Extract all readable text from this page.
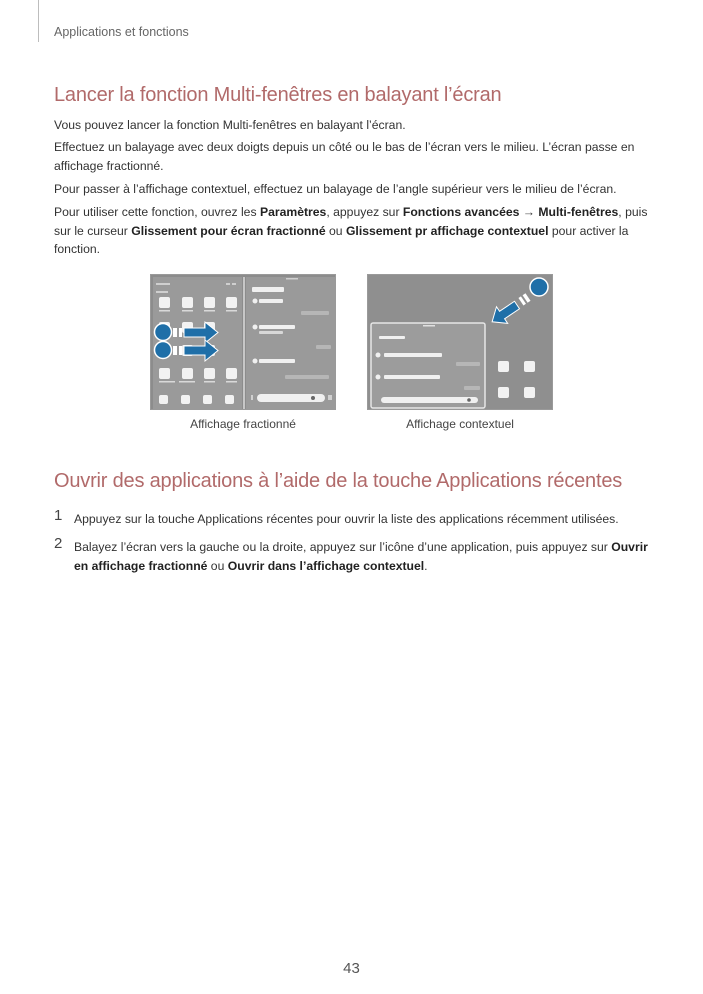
Applications et fonctions
Lancer la fonction Multi-fenêtres en balayant l’écran
Vous pouvez lancer la fonction Multi-fenêtres en balayant l’écran.
Effectuez un balayage avec deux doigts depuis un côté ou le bas de l’écran vers le milieu. L’écran passe en affichage fractionné.
Pour passer à l’affichage contextuel, effectuez un balayage de l’angle supérieur vers le milieu de l’écran.
Pour utiliser cette fonction, ouvrez les Paramètres, appuyez sur Fonctions avancées → Multi-fenêtres, puis sur le curseur Glissement pour écran fractionné ou Glissement pr affichage contextuel pour activer la fonction.
Affichage fractionné	Affichage contextuel
Ouvrir des applications à l’aide de la touche Applications récentes
1 Appuyez sur la touche Applications récentes pour ouvrir la liste des applications récemment utilisées.
2 Balayez l’écran vers la gauche ou la droite, appuyez sur l’icône d’une application, puis appuyez sur Ouvrir en affichage fractionné ou Ouvrir dans l’affichage contextuel.
43
